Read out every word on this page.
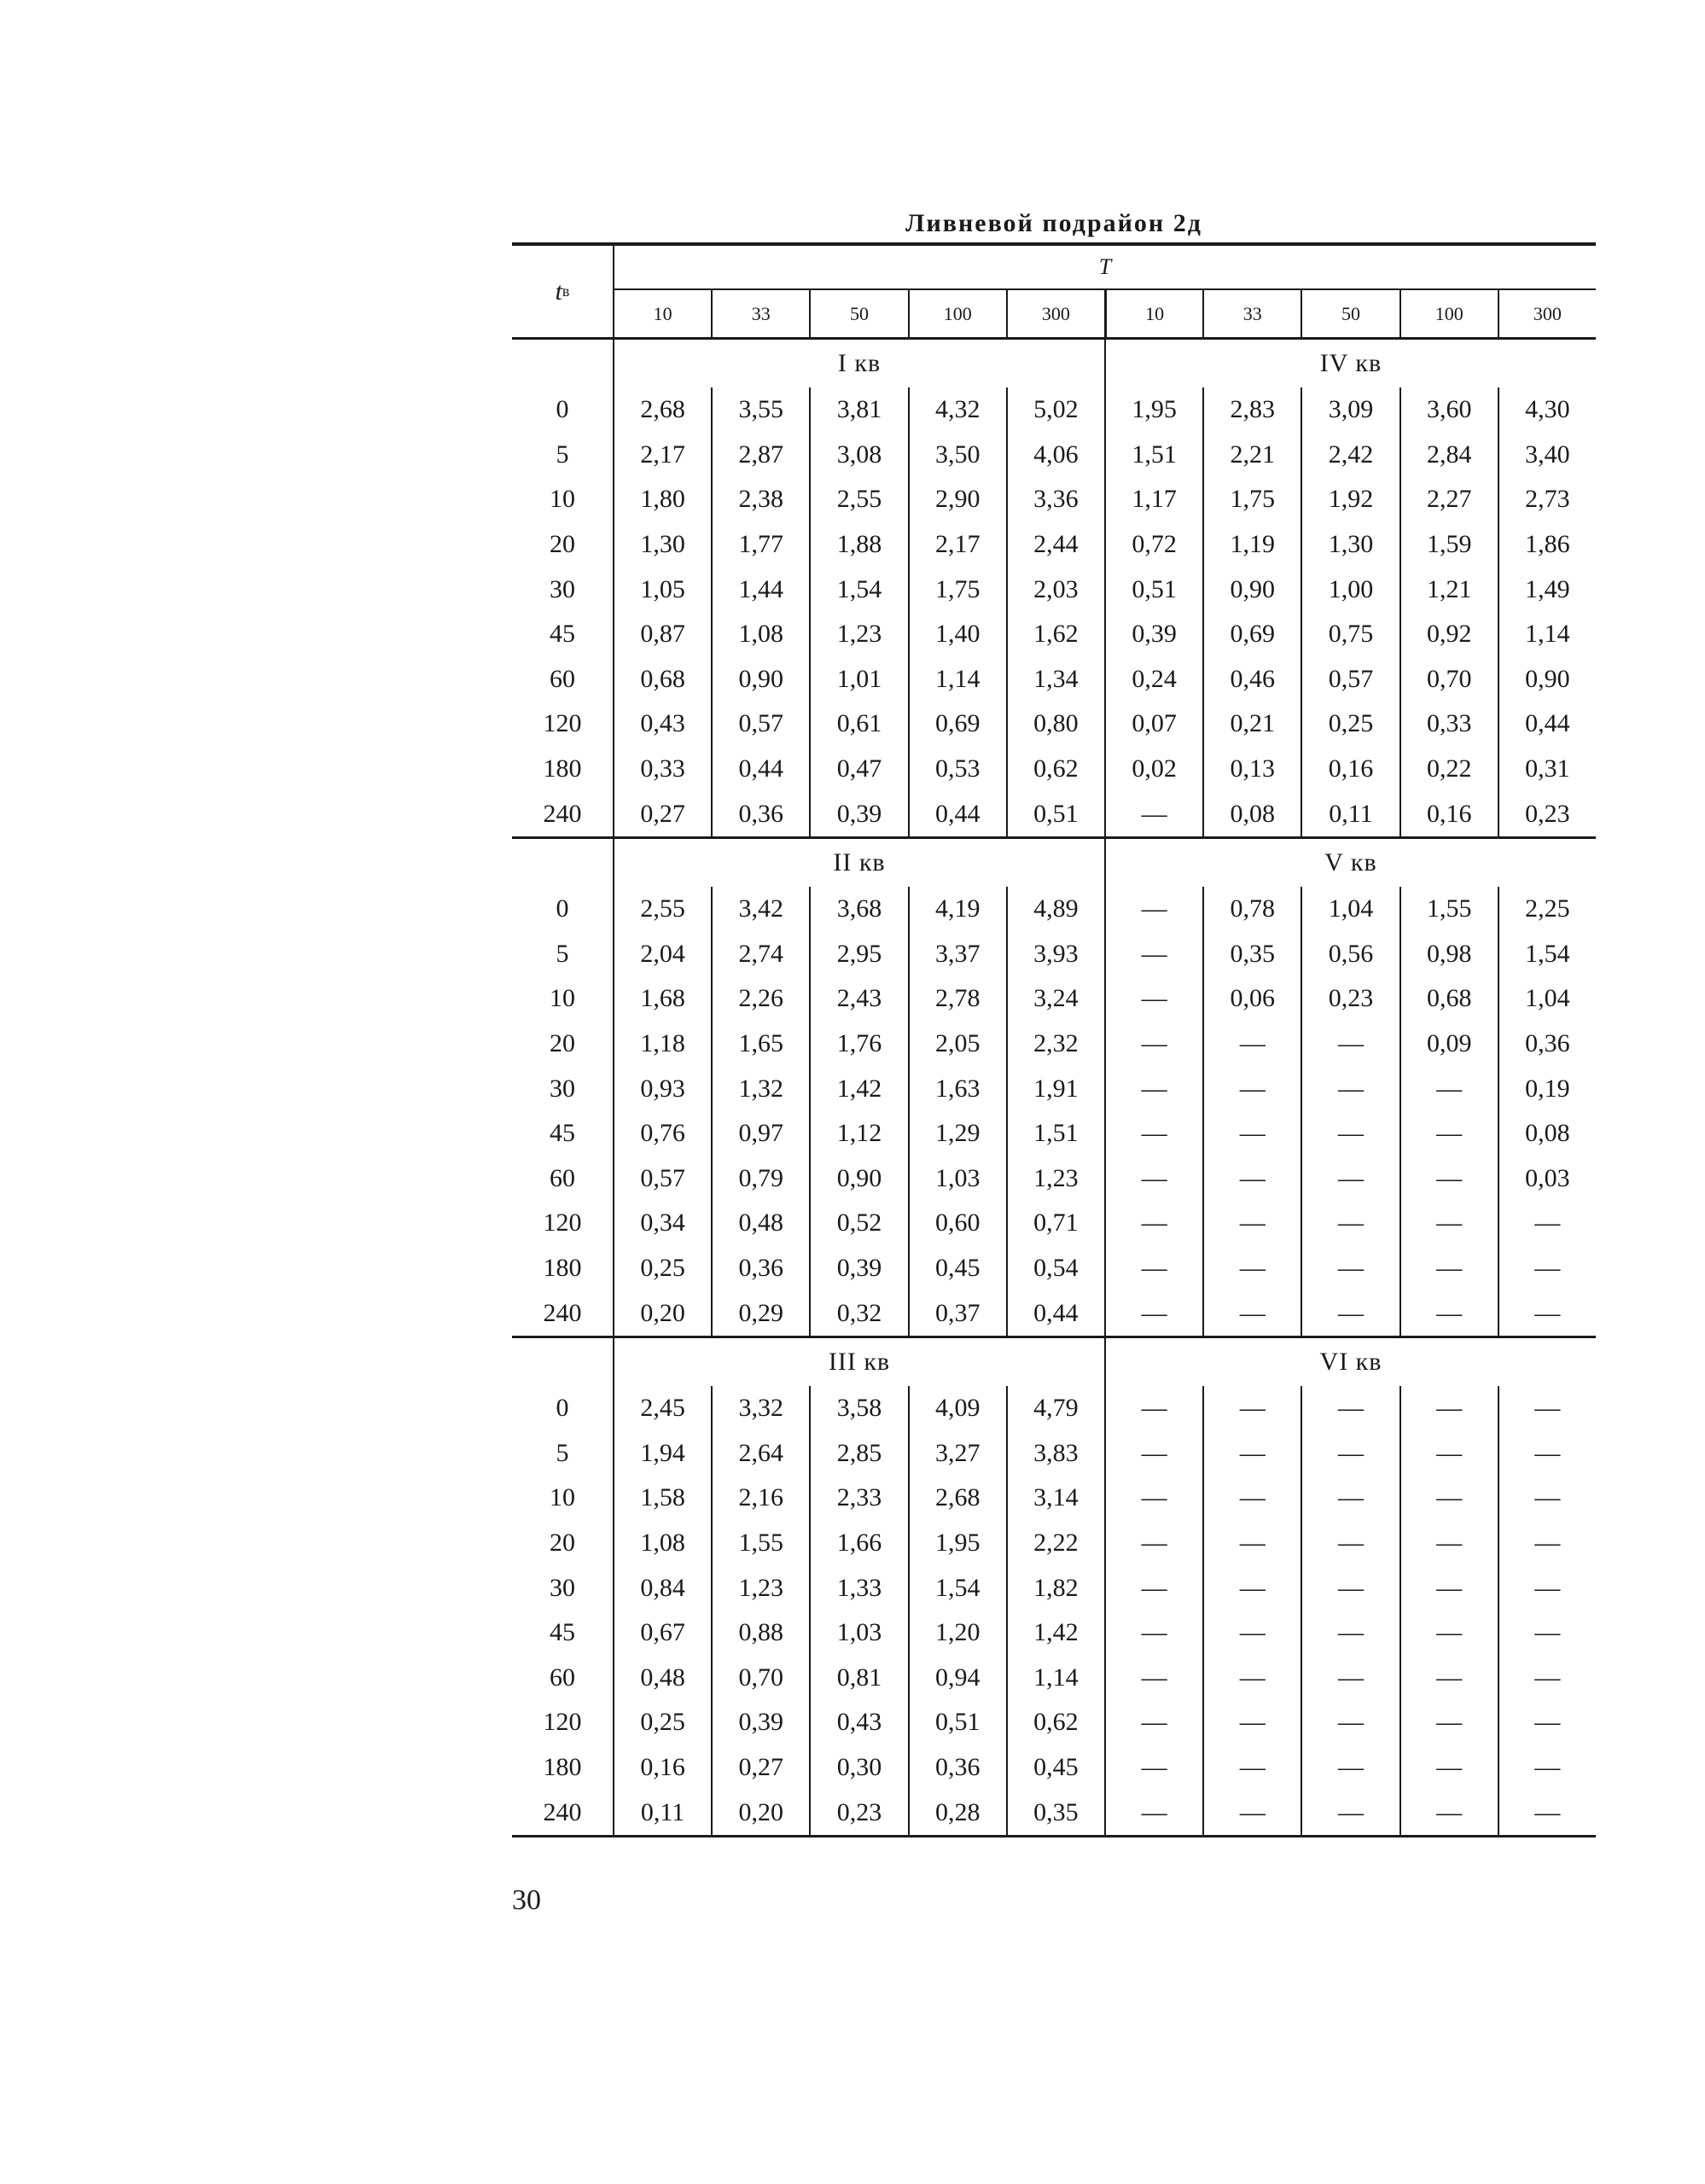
Ливневой подрайон 2д
t в
T
10	33	50	100	300	10	33	50	100	300
I кв	IV кв
0	2,68	3,55	3,81	4,32	5,02	1,95	2,83	3,09	3,60	4,30
5	2,17	2,87	3,08	3,50	4,06	1,51	2,21	2,42	2,84	3,40
10	1,80	2,38	2,55	2,90	3,36	1,17	1,75	1,92	2,27	2,73
20	1,30	1,77	1,88	2,17	2,44	0,72	1,19	1,30	1,59	1,86
30	1,05	1,44	1,54	1,75	2,03	0,51	0,90	1,00	1,21	1,49
45	0,87	1,08	1,23	1,40	1,62	0,39	0,69	0,75	0,92	1,14
60	0,68	0,90	1,01	1,14	1,34	0,24	0,46	0,57	0,70	0,90
120	0,43	0,57	0,61	0,69	0,80	0,07	0,21	0,25	0,33	0,44
180	0,33	0,44	0,47	0,53	0,62	0,02	0,13	0,16	0,22	0,31
240	0,27	0,36	0,39	0,44	0,51	—	0,08	0,11	0,16	0,23
II кв	V кв
0	2,55	3,42	3,68	4,19	4,89	—	0,78	1,04	1,55	2,25
5	2,04	2,74	2,95	3,37	3,93	—	0,35	0,56	0,98	1,54
10	1,68	2,26	2,43	2,78	3,24	—	0,06	0,23	0,68	1,04
20	1,18	1,65	1,76	2,05	2,32	—	—	—	0,09	0,36
30	0,93	1,32	1,42	1,63	1,91	—	—	—	—	0,19
45	0,76	0,97	1,12	1,29	1,51	—	—	—	—	0,08
60	0,57	0,79	0,90	1,03	1,23	—	—	—	—	0,03
120	0,34	0,48	0,52	0,60	0,71	—	—	—	—	—
180	0,25	0,36	0,39	0,45	0,54	—	—	—	—	—
240	0,20	0,29	0,32	0,37	0,44	—	—	—	—	—
III кв	VI кв
0	2,45	3,32	3,58	4,09	4,79	—	—	—	—	—
5	1,94	2,64	2,85	3,27	3,83	—	—	—	—	—
10	1,58	2,16	2,33	2,68	3,14	—	—	—	—	—
20	1,08	1,55	1,66	1,95	2,22	—	—	—	—	—
30	0,84	1,23	1,33	1,54	1,82	—	—	—	—	—
45	0,67	0,88	1,03	1,20	1,42	—	—	—	—	—
60	0,48	0,70	0,81	0,94	1,14	—	—	—	—	—
120	0,25	0,39	0,43	0,51	0,62	—	—	—	—	—
180	0,16	0,27	0,30	0,36	0,45	—	—	—	—	—
240	0,11	0,20	0,23	0,28	0,35	—	—	—	—	—
30
